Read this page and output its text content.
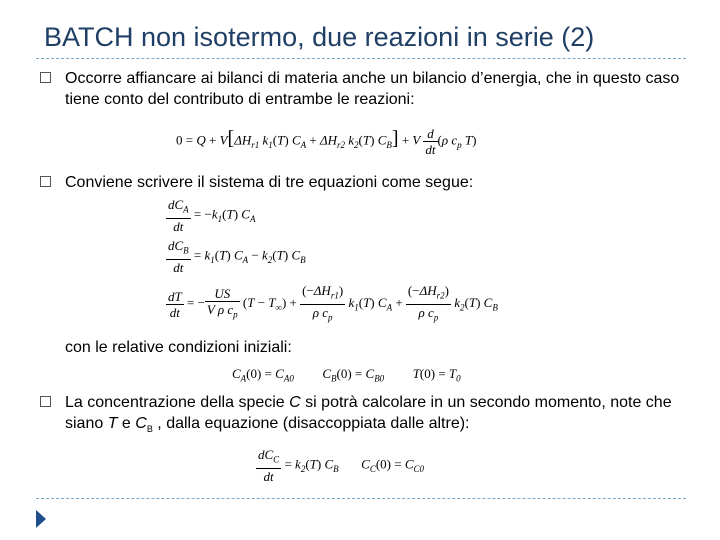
BATCH non isotermo, due reazioni in serie (2)
Occorre affiancare ai bilanci di materia anche un bilancio d’energia, che in questo caso tiene conto del contributo di entrambe le reazioni:
$0 = Q + V[\Delta H_{r1}$ $k_1(T) C_A + \Delta H_{r2}$ $k_2(T) C_B] + V \frac{d}{dt} (\rho$ $c_p$ T)
Conviene scrivere il sistema di tre equazioni come segue:
$\frac{dC_A}{dt} = -k_1(T)$ $C_A$
$\frac{dC_B}{dt} = k_1(T) C_A - k_2(T)$ $C_B$
$\frac{dT}{dt}$ = − $\frac{US}{V \rho c_p} (T - T_\infty) + \frac{(-\Delta H_{r1})}{\rho c_p} k_1(T) C_A + \frac{(-\Delta H_{r2})}{\rho c_p} k_2(T)$ $C_B$
con le relative condizioni iniziali:
$C_A(0) = C_{A0}$  $C_B(0) = C_{B0}$  $T(0) = T_0$
La concentrazione della specie C si potrà calcolare in un secondo momento, note che siano T e $C_B$ , dalla equazione (disaccoppiata dalle altre):
$\frac{dC_C}{dt} = k_2(T)$ $C_B$  $C_C(0) = C_{C0}$
